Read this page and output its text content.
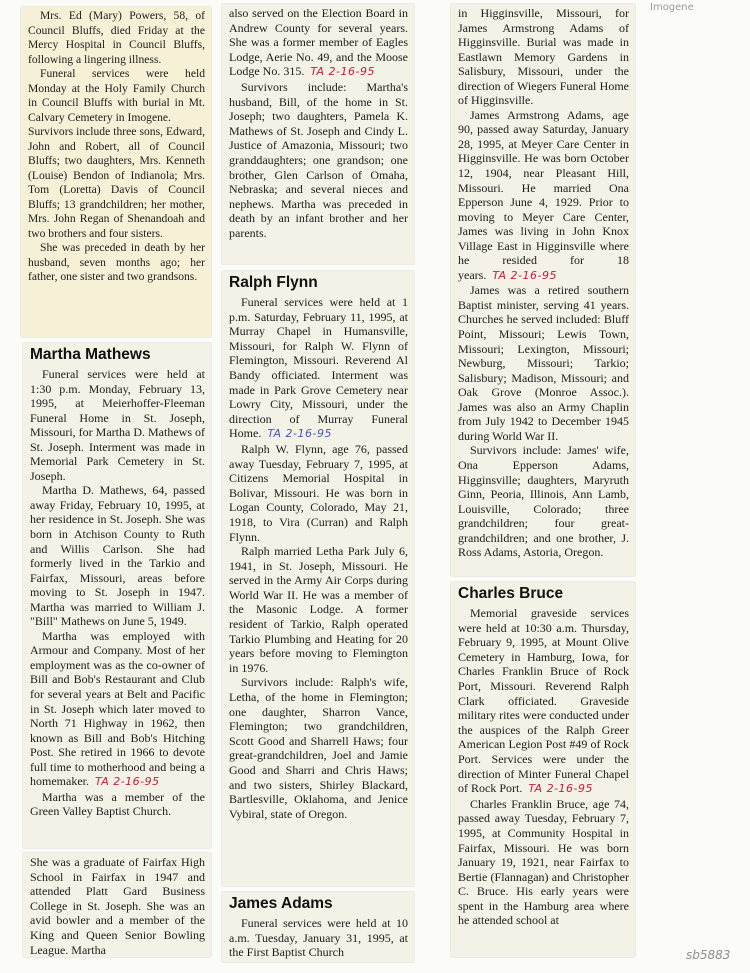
Mrs. Ed (Mary) Powers, 58, of Council Bluffs, died Friday at the Mercy Hospital in Council Bluffs, following a lingering illness.

Funeral services were held Monday at the Holy Family Church in Council Bluffs with burial in Mt. Calvary Cemetery in Imogene.

Survivors include three sons, Edward, John and Robert, all of Council Bluffs; two daughters, Mrs. Kenneth (Louise) Bendon of Indianola; Mrs. Tom (Loretta) Davis of Council Bluffs; 13 grandchildren; her mother, Mrs. John Regan of Shenandoah and two brothers and four sisters.

She was preceded in death by her husband, seven months ago; her father, one sister and two grandsons.

Martha Mathews

Funeral services were held at 1:30 p.m. Monday, February 13, 1995, at Meierhoffer-Fleeman Funeral Home in St. Joseph, Missouri, for Martha D. Mathews of St. Joseph. Interment was made in Memorial Park Cemetery in St. Joseph.

Martha D. Mathews, 64, passed away Friday, February 10, 1995, at her residence in St. Joseph. She was born in Atchison County to Ruth and Willis Carlson. She had formerly lived in the Tarkio and Fairfax, Missouri, areas before moving to St. Joseph in 1947. Martha was married to William J. "Bill" Mathews on June 5, 1949.

Martha was employed with Armour and Company. Most of her employment was as the co-owner of Bill and Bob's Restaurant and Club for several years at Belt and Pacific in St. Joseph which later moved to North 71 Highway in 1962, then known as Bill and Bob's Hitching Post. She retired in 1966 to devote full time to motherhood and being a homemaker. TA 2-16-95

Martha was a member of the Green Valley Baptist Church.

She was a graduate of Fairfax High School in Fairfax in 1947 and attended Platt Gard Business College in St. Joseph. She was an avid bowler and a member of the King and Queen Senior Bowling League. Martha

also served on the Election Board in Andrew County for several years. She was a former member of Eagles Lodge, Aerie No. 49, and the Moose Lodge No. 315. TA 2-16-95

Survivors include: Martha's husband, Bill, of the home in St. Joseph; two daughters, Pamela K. Mathews of St. Joseph and Cindy L. Justice of Amazonia, Missouri; two granddaughters; one grandson; one brother, Glen Carlson of Omaha, Nebraska; and several nieces and nephews. Martha was preceded in death by an infant brother and her parents.

Ralph Flynn

Funeral services were held at 1 p.m. Saturday, February 11, 1995, at Murray Chapel in Humansville, Missouri, for Ralph W. Flynn of Flemington, Missouri. Reverend Al Bandy officiated. Interment was made in Park Grove Cemetery near Lowry City, Missouri, under the direction of Murray Funeral Home. TA 2-16-95

Ralph W. Flynn, age 76, passed away Tuesday, February 7, 1995, at Citizens Memorial Hospital in Bolivar, Missouri. He was born in Logan County, Colorado, May 21, 1918, to Vira (Curran) and Ralph Flynn.

Ralph married Letha Park July 6, 1941, in St. Joseph, Missouri. He served in the Army Air Corps during World War II. He was a member of the Masonic Lodge. A former resident of Tarkio, Ralph operated Tarkio Plumbing and Heating for 20 years before moving to Flemington in 1976.

Survivors include: Ralph's wife, Letha, of the home in Flemington; one daughter, Sharron Vance, Flemington; two grandchildren, Scott Good and Sharrell Haws; four great-grandchildren, Joel and Jamie Good and Sharri and Chris Haws; and two sisters, Shirley Blackard, Bartlesville, Oklahoma, and Jenice Vybiral, state of Oregon.

James Adams

Funeral services were held at 10 a.m. Tuesday, January 31, 1995, at the First Baptist Church

in Higginsville, Missouri, for James Armstrong Adams of Higginsville. Burial was made in Eastlawn Memory Gardens in Salisbury, Missouri, under the direction of Wiegers Funeral Home of Higginsville.

James Armstrong Adams, age 90, passed away Saturday, January 28, 1995, at Meyer Care Center in Higginsville. He was born October 12, 1904, near Pleasant Hill, Missouri. He married Ona Epperson June 4, 1929. Prior to moving to Meyer Care Center, James was living in John Knox Village East in Higginsville where he resided for 18 years. TA 2-16-95

James was a retired southern Baptist minister, serving 41 years. Churches he served included: Bluff Point, Missouri; Lewis Town, Missouri; Lexington, Missouri; Newburg, Missouri; Tarkio; Salisbury; Madison, Missouri; and Oak Grove (Monroe Assoc.). James was also an Army Chaplin from July 1942 to December 1945 during World War II.

Survivors include: James' wife, Ona Epperson Adams, Higginsville; daughters, Maryruth Ginn, Peoria, Illinois, Ann Lamb, Louisville, Colorado; three grandchildren; four great-grandchildren; and one brother, J. Ross Adams, Astoria, Oregon.

Charles Bruce

Memorial graveside services were held at 10:30 a.m. Thursday, February 9, 1995, at Mount Olive Cemetery in Hamburg, Iowa, for Charles Franklin Bruce of Rock Port, Missouri. Reverend Ralph Clark officiated. Graveside military rites were conducted under the auspices of the Ralph Greer American Legion Post #49 of Rock Port. Services were under the direction of Minter Funeral Chapel of Rock Port. TA 2-16-95

Charles Franklin Bruce, age 74, passed away Tuesday, February 7, 1995, at Community Hospital in Fairfax, Missouri. He was born January 19, 1921, near Fairfax to Bertie (Flannagan) and Christopher C. Bruce. His early years were spent in the Hamburg area where he attended school at

Imogene
sb5883
